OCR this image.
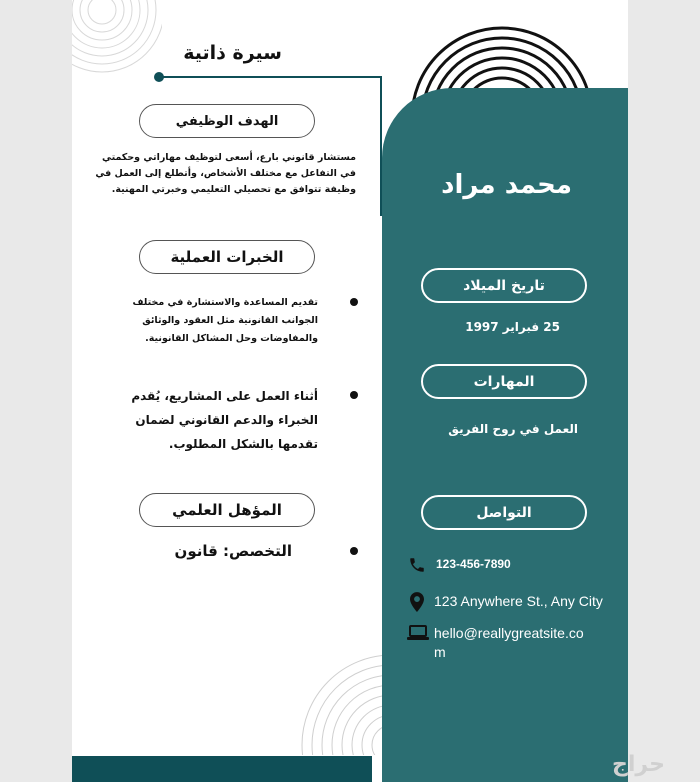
سيرة ذاتية
الهدف الوظيفي
مستشار قانوني بارع، أسعى لتوظيف مهاراتي وحكمتي في التفاعل مع مختلف الأشخاص، وأتطلع إلى العمل في وظيفة تتوافق مع تحصيلي التعليمي وخبرتي المهنية.
الخبرات العملية
تقديم المساعدة والاستشارة في مختلف الجوانب القانونية مثل العقود والوثائق والمفاوضات وحل المشاكل القانونية.
أثناء العمل على المشاريع، يُقدم الخبراء والدعم القانوني لضمان تقدمها بالشكل المطلوب.
المؤهل العلمي
التخصص: قانون
محمد مراد
تاريخ الميلاد
25 فبراير 1997
المهارات
العمل في روح الفريق
التواصل
123-456-7890
123 Anywhere St., Any City
hello@reallygreatsite.com
حراج
